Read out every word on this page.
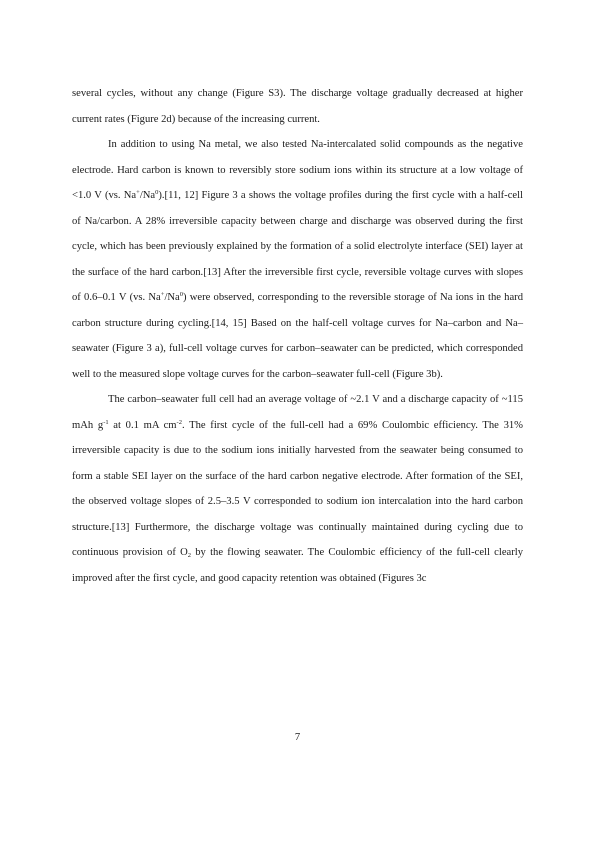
several cycles, without any change (Figure S3). The discharge voltage gradually decreased at higher current rates (Figure 2d) because of the increasing current.

In addition to using Na metal, we also tested Na-intercalated solid compounds as the negative electrode. Hard carbon is known to reversibly store sodium ions within its structure at a low voltage of <1.0 V (vs. Na+/Na$^0$).[11, 12] Figure 3 a shows the voltage profiles during the first cycle with a half-cell of Na/carbon. A 28% irreversible capacity between charge and discharge was observed during the first cycle, which has been previously explained by the formation of a solid electrolyte interface (SEI) layer at the surface of the hard carbon.[13] After the irreversible first cycle, reversible voltage curves with slopes of 0.6–0.1 V (vs. Na+/Na$^0$) were observed, corresponding to the reversible storage of Na ions in the hard carbon structure during cycling.[14, 15] Based on the half-cell voltage curves for Na–carbon and Na–seawater (Figure 3 a), full-cell voltage curves for carbon–seawater can be predicted, which corresponded well to the measured slope voltage curves for the carbon–seawater full-cell (Figure 3b).

The carbon–seawater full cell had an average voltage of ~2.1 V and a discharge capacity of ~115 mAh $g^{-1}$ at 0.1 mA $cm^{-2}$. The first cycle of the full-cell had a 69% Coulombic efficiency. The 31% irreversible capacity is due to the sodium ions initially harvested from the seawater being consumed to form a stable SEI layer on the surface of the hard carbon negative electrode. After formation of the SEI, the observed voltage slopes of 2.5–3.5 V corresponded to sodium ion intercalation into the hard carbon structure.[13] Furthermore, the discharge voltage was continually maintained during cycling due to continuous provision of $O_2$ by the flowing seawater. The Coulombic efficiency of the full-cell clearly improved after the first cycle, and good capacity retention was obtained (Figures 3c

7
